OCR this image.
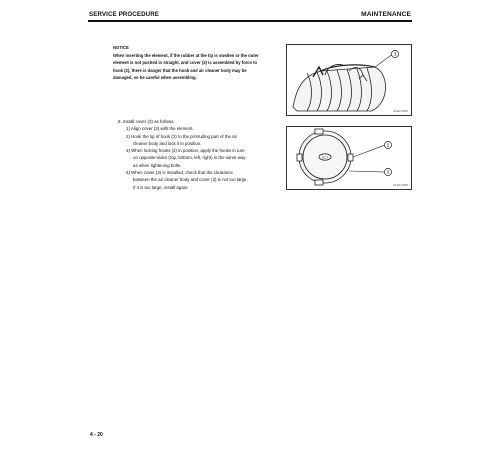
SERVICE PROCEDURE	MAINTENANCE
NOTICE
When inserting the element, if the rubber at the tip is swollen or the outer
element is not pushed in straight, and cover (3) is assembled by force to
hook (2), there is danger that the hook and air cleaner body may be
damaged, so be careful when assembling.
3
SLE0 0056
8. Install cover (3) as follows.
1) Align cover (3) with the element.
2) Hook the tip of hook (2) to the protruding part of the air
cleaner body and lock it in position.
3) When locking hooks (2) in position, apply the hooks in turn
on opposite sides (top, bottom, left, right) in the same way
as when tightening bolts.
4) When cover (3) is installed, check that the clearance
between the air cleaner body and cover (3) is not too large.
If it is too large, install again.
OUT
2
3
SLE0 0055
4 - 20
